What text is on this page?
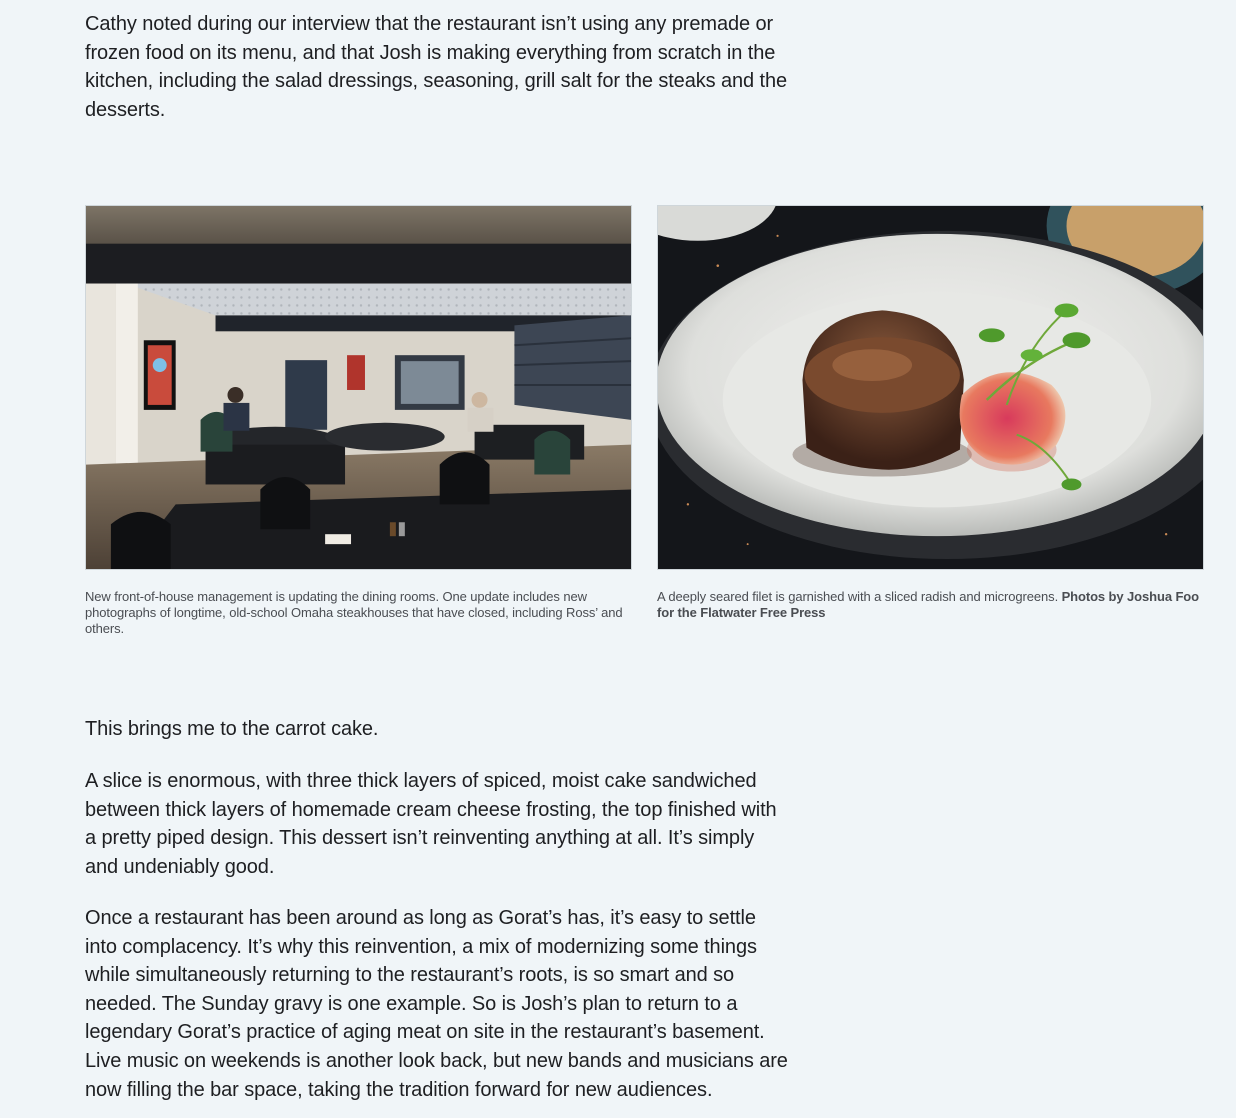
Cathy noted during our interview that the restaurant isn’t using any premade or frozen food on its menu, and that Josh is making everything from scratch in the kitchen, including the salad dressings, seasoning, grill salt for the steaks and the desserts.

New front-of-house management is updating the dining rooms. One update includes new photographs of longtime, old-school Omaha steakhouses that have closed, including Ross’ and others.
A deeply seared filet is garnished with a sliced radish and microgreens. Photos by Joshua Foo for the Flatwater Free Press

This brings me to the carrot cake.

A slice is enormous, with three thick layers of spiced, moist cake sandwiched between thick layers of homemade cream cheese frosting, the top finished with a pretty piped design. This dessert isn’t reinventing anything at all. It’s simply and undeniably good.

Once a restaurant has been around as long as Gorat’s has, it’s easy to settle into complacency. It’s why this reinvention, a mix of modernizing some things while simultaneously returning to the restaurant’s roots, is so smart and so needed. The Sunday gravy is one example. So is Josh’s plan to return to a legendary Gorat’s practice of aging meat on site in the restaurant’s basement. Live music on weekends is another look back, but new bands and musicians are now filling the bar space, taking the tradition forward for new audiences.
